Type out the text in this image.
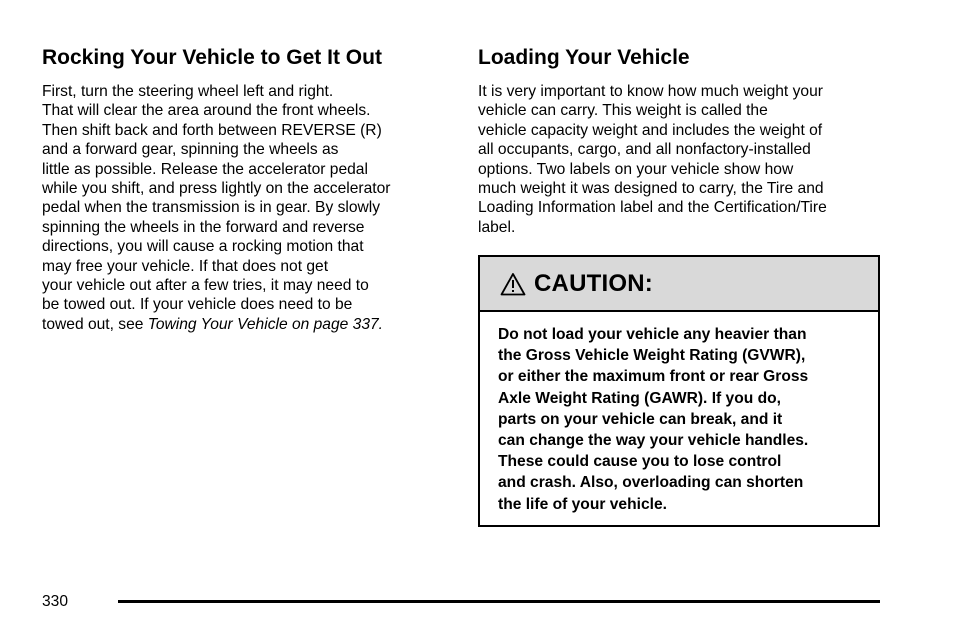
Rocking Your Vehicle to Get It Out

First, turn the steering wheel left and right.
That will clear the area around the front wheels.
Then shift back and forth between REVERSE (R)
and a forward gear, spinning the wheels as
little as possible. Release the accelerator pedal
while you shift, and press lightly on the accelerator
pedal when the transmission is in gear. By slowly
spinning the wheels in the forward and reverse
directions, you will cause a rocking motion that
may free your vehicle. If that does not get
your vehicle out after a few tries, it may need to
be towed out. If your vehicle does need to be
towed out, see Towing Your Vehicle on page 337.

Loading Your Vehicle

It is very important to know how much weight your
vehicle can carry. This weight is called the
vehicle capacity weight and includes the weight of
all occupants, cargo, and all nonfactory-installed
options. Two labels on your vehicle show how
much weight it was designed to carry, the Tire and
Loading Information label and the Certification/Tire
label.

CAUTION:
Do not load your vehicle any heavier than
the Gross Vehicle Weight Rating (GVWR),
or either the maximum front or rear Gross
Axle Weight Rating (GAWR). If you do,
parts on your vehicle can break, and it
can change the way your vehicle handles.
These could cause you to lose control
and crash. Also, overloading can shorten
the life of your vehicle.
330
